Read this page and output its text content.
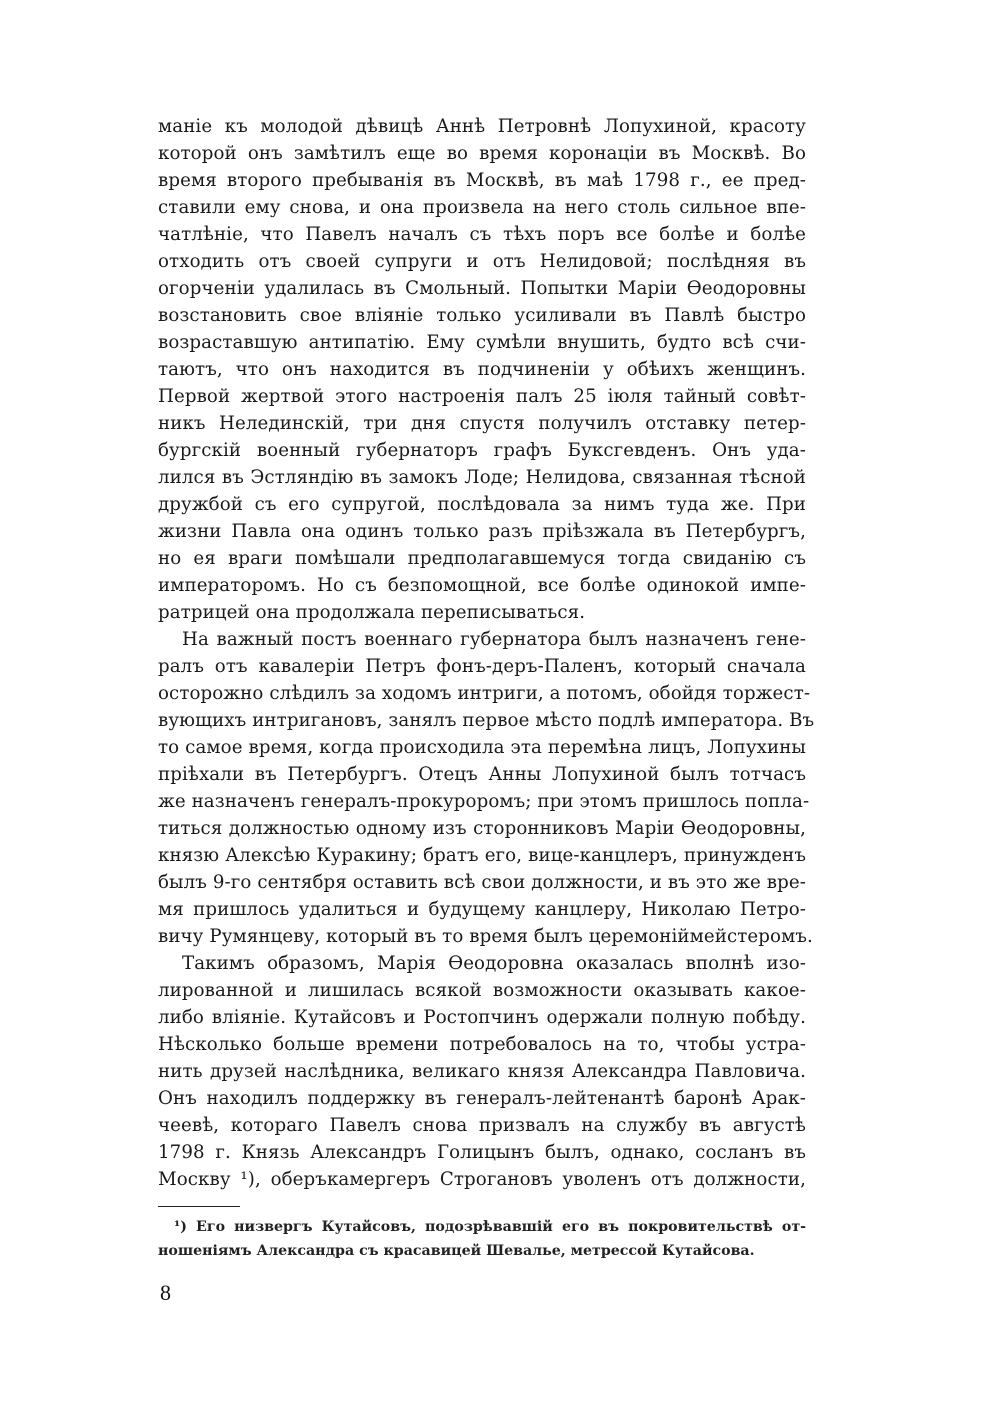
маніе къ молодой дѣвицѣ Аннѣ Петровнѣ Лопухиной, красоту
которой онъ замѣтилъ еще во время коронаціи въ Москвѣ. Во
время второго пребыванія въ Москвѣ, въ маѣ 1798 г., ее пред-
ставили ему снова, и она произвела на него столь сильное впе-
чатлѣніе, что Павелъ началъ съ тѣхъ поръ все болѣе и болѣе
отходить отъ своей супруги и отъ Нелидовой; послѣдняя въ
огорченіи удалилась въ Смольный. Попытки Маріи Өеодоровны
возстановить свое вліяніе только усиливали въ Павлѣ быстро
возраставшую антипатію. Ему сумѣли внушить, будто всѣ счи-
таютъ, что онъ находится въ подчиненіи у обѣихъ женщинъ.
Первой жертвой этого настроенія палъ 25 іюля тайный совѣт-
никъ Нелединскій, три дня спустя получилъ отставку петер-
бургскій военный губернаторъ графъ Буксгевденъ. Онъ уда-
лился въ Эстляндію въ замокъ Лоде; Нелидова, связанная тѣсной
дружбой съ его супругой, послѣдовала за нимъ туда же. При
жизни Павла она одинъ только разъ пріѣзжала въ Петербургъ,
но ея враги помѣшали предполагавшемуся тогда свиданію съ
императоромъ. Но съ безпомощной, все болѣе одинокой импе-
ратрицей она продолжала переписываться.
На важный постъ военнаго губернатора былъ назначенъ гене-
ралъ отъ кавалеріи Петръ фонъ-деръ-Паленъ, который сначала
осторожно слѣдилъ за ходомъ интриги, а потомъ, обойдя торжест-
вующихъ интригановъ, занялъ первое мѣсто подлѣ императора. Въ
то самое время, когда происходила эта перемѣна лицъ, Лопухины
пріѣхали въ Петербургъ. Отецъ Анны Лопухиной былъ тотчасъ
же назначенъ генералъ-прокуроромъ; при этомъ пришлось попла-
титься должностью одному изъ сторонниковъ Маріи Өеодоровны,
князю Алексѣю Куракину; братъ его, вице-канцлеръ, принужденъ
былъ 9-го сентября оставить всѣ свои должности, и въ это же вре-
мя пришлось удалиться и будущему канцлеру, Николаю Петро-
вичу Румянцеву, который въ то время былъ церемоніймейстеромъ.
Такимъ образомъ, Марія Өеодоровна оказалась вполнѣ изо-
лированной и лишилась всякой возможности оказывать какое-
либо вліяніе. Кутайсовъ и Ростопчинъ одержали полную побѣду.
Нѣсколько больше времени потребовалось на то, чтобы устра-
нить друзей наслѣдника, великаго князя Александра Павловича.
Онъ находилъ поддержку въ генералъ-лейтенантѣ баронѣ Арак-
чеевѣ, котораго Павелъ снова призвалъ на службу въ августѣ
1798 г. Князь Александръ Голицынъ былъ, однако, сосланъ въ
Москву ¹), оберъкамергеръ Строгановъ уволенъ отъ должности,
¹) Его низвергъ Кутайсовъ, подозрѣвавшій его въ покровительствѣ от-
ношеніямъ Александра съ красавицей Шевалье, метрессой Кутайсова.
8
